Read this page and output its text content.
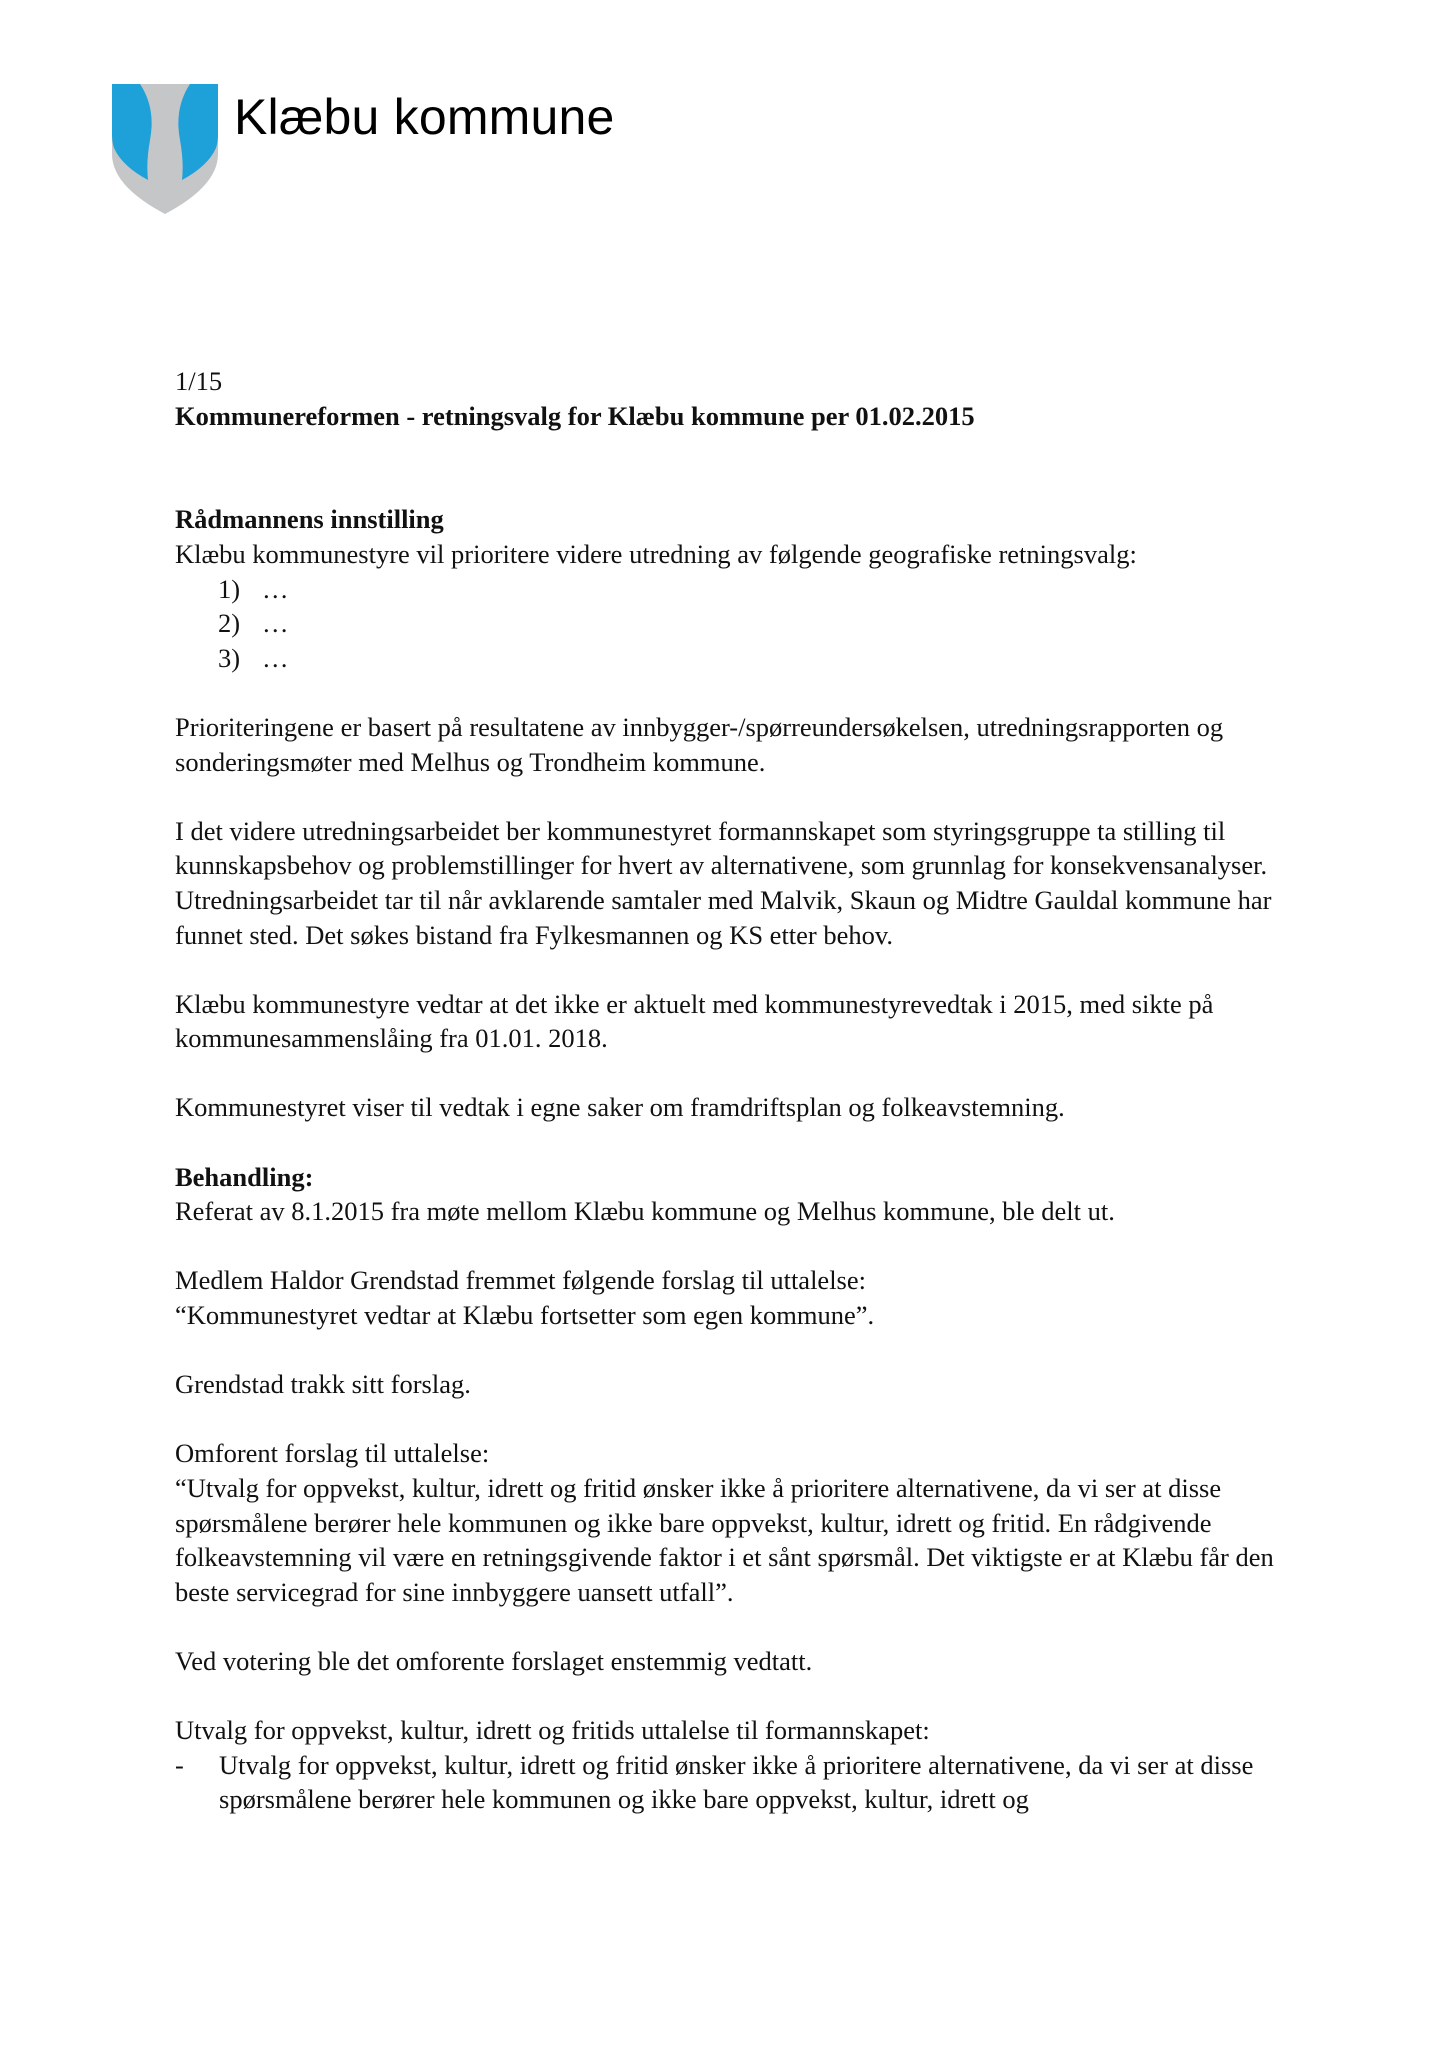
Klæbu kommune

1/15

Kommunereformen - retningsvalg for Klæbu kommune per 01.02.2015

Rådmannens innstilling

Klæbu kommunestyre vil prioritere videre utredning av følgende geografiske retningsvalg:

1) …
2) …
3) …

Prioriteringene er basert på resultatene av innbygger-/spørreundersøkelsen, utredningsrapporten og sonderingsmøter med Melhus og Trondheim kommune.

I det videre utredningsarbeidet ber kommunestyret formannskapet som styringsgruppe ta stilling til kunnskapsbehov og problemstillinger for hvert av alternativene, som grunnlag for konsekvensanalyser. Utredningsarbeidet tar til når avklarende samtaler med Malvik, Skaun og Midtre Gauldal kommune har funnet sted. Det søkes bistand fra Fylkesmannen og KS etter behov.

Klæbu kommunestyre vedtar at det ikke er aktuelt med kommunestyrevedtak i 2015, med sikte på kommunesammenslåing fra 01.01. 2018.

Kommunestyret viser til vedtak i egne saker om framdriftsplan og folkeavstemning.

Behandling:

Referat av 8.1.2015 fra møte mellom Klæbu kommune og Melhus kommune, ble delt ut.

Medlem Haldor Grendstad fremmet følgende forslag til uttalelse:

“Kommunestyret vedtar at Klæbu fortsetter som egen kommune”.

Grendstad trakk sitt forslag.

Omforent forslag til uttalelse:

“Utvalg for oppvekst, kultur, idrett og fritid ønsker ikke å prioritere alternativene, da vi ser at disse spørsmålene berører hele kommunen og ikke bare oppvekst, kultur, idrett og fritid. En rådgivende folkeavstemning vil være en retningsgivende faktor i et sånt spørsmål. Det viktigste er at Klæbu får den beste servicegrad for sine innbyggere uansett utfall”.

Ved votering ble det omforente forslaget enstemmig vedtatt.

Utvalg for oppvekst, kultur, idrett og fritids uttalelse til formannskapet:

-	Utvalg for oppvekst, kultur, idrett og fritid ønsker ikke å prioritere alternativene, da vi ser at disse spørsmålene berører hele kommunen og ikke bare oppvekst, kultur, idrett og
